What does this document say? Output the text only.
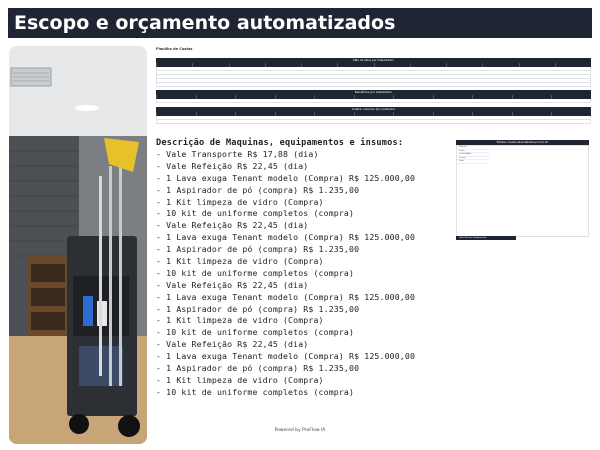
Escopo e orçamento automatizados
Planilha de Custos
Mão de Obra por trabalhador
Benefícios por trabalhador
Custos: Insumos por posto/ano
Tributos / Custos Administrativos/ lucro/ etc
Tributos
Lucro
Custos Adm
Outros
Total
Valor Mensal: Equipamento
Descrição de Maquinas, equipamentos e insumos:
- Vale Transporte R$ 17,88 (dia)
- Vale Refeição R$ 22,45 (dia)
- 1 Lava exuga Tenant modelo (Compra) R$ 125.000,00
- 1 Aspirador de pó (compra) R$ 1.235,00
- 1 Kit limpeza de vidro (Compra)
- 10 kit de uniforme completos (compra)
- Vale Refeição R$ 22,45 (dia)
- 1 Lava exuga Tenant modelo (Compra) R$ 125.000,00
- 1 Aspirador de pó (compra) R$ 1.235,00
- 1 Kit limpeza de vidro (Compra)
- 10 kit de uniforme completos (compra)
- Vale Refeição R$ 22,45 (dia)
- 1 Lava exuga Tenant modelo (Compra) R$ 125.000,00
- 1 Aspirador de pó (compra) R$ 1.235,00
- 1 Kit limpeza de vidro (Compra)
- 10 kit de uniforme completos (compra)
- Vale Refeição R$ 22,45 (dia)
- 1 Lava exuga Tenant modelo (Compra) R$ 125.000,00
- 1 Aspirador de pó (compra) R$ 1.235,00
- 1 Kit limpeza de vidro (Compra)
- 10 kit de uniforme completos (compra)
Powered by ProFlow IA
